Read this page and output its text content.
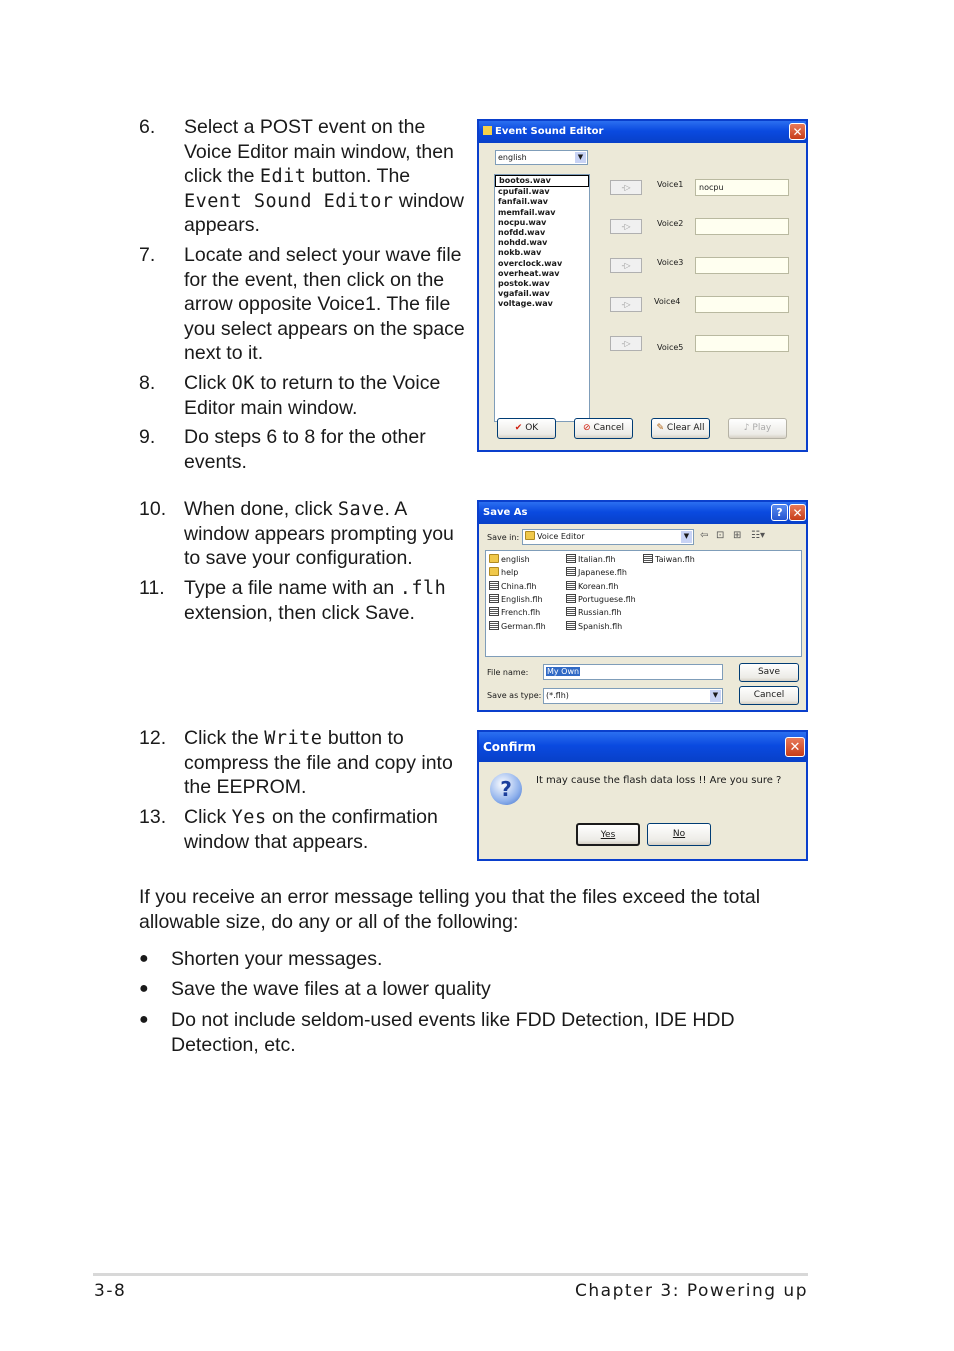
6. Select a POST event on the
Voice Editor main window, then
click the Edit button. The
Event Sound Editor window
appears.
7. Locate and select your wave file
for the event, then click on the
arrow opposite Voice1. The file
you select appears on the space
next to it.
8. Click OK to return to the Voice
Editor main window.
9. Do steps 6 to 8 for the other
events.
10. When done, click Save. A
window appears prompting you
to save your configuration.
11. Type a file name with an .flh
extension, then click Save.
12. Click the Write button to
compress the file and copy into
the EEPROM.
13. Click Yes on the confirmation
window that appears.
Event Sound Editor	✕
english	▼
bootos.wav
cpufail.wav
fanfail.wav
memfail.wav
nocpu.wav
nofdd.wav
nohdd.wav
nokb.wav
overclock.wav
overheat.wav
postok.wav
vgafail.wav
voltage.wav
-▷	Voice1	nocpu
-▷	Voice2
-▷	Voice3
-▷	Voice4
-▷	Voice5
✔ OK	⊘ Cancel	✎ Clear All	♪ Play
Save As	? ✕
Save in:	Voice Editor	▼ ⇦ ⊡ ⊞ ☷▾
english
help
China.flh
English.flh
French.flh
German.flh
Italian.flh
Japanese.flh
Korean.flh
Portuguese.flh
Russian.flh
Spanish.flh
Taiwan.flh
File name:	My Own	Save
Save as type: (*.flh)	▼	Cancel
Confirm	✕
?	It may cause the flash data loss !! Are you sure ?
Yes	No
If you receive an error message telling you that the files exceed the total
allowable size, do any or all of the following:
● Shorten your messages.
● Save the wave files at a lower quality
● Do not include seldom-used events like FDD Detection, IDE HDD
Detection, etc.
3-8	Chapter 3: Powering up
